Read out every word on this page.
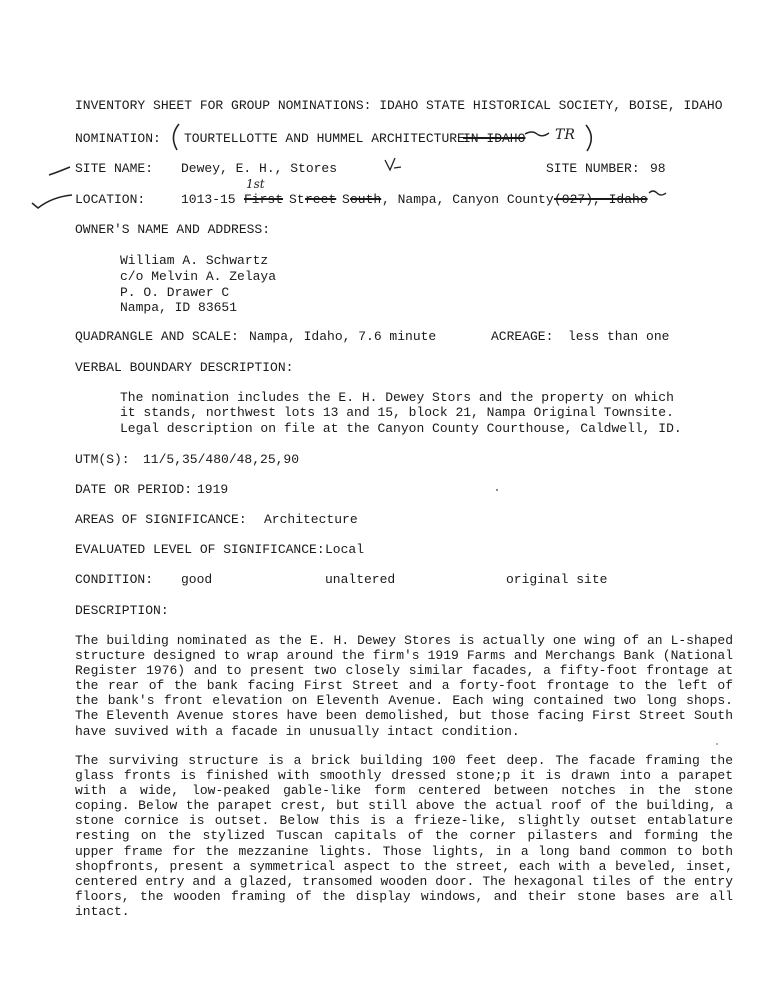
INVENTORY SHEET FOR GROUP NOMINATIONS: IDAHO STATE HISTORICAL SOCIETY, BOISE, IDAHO
NOMINATION: TOURTELLOTTE AND HUMMEL ARCHITECTURE
IN IDAHO TR
SITE NAME: Dewey, E. H., Stores	SITE NUMBER: 98
LOCATION:	1013-15
1st
First St reet S outh , Nampa, Canyon County (027), Idaho
OWNER'S NAME AND ADDRESS:
William A. Schwartz
c/o Melvin A. Zelaya
P. O. Drawer C
Nampa, ID 83651
QUADRANGLE AND SCALE: Nampa, Idaho, 7.6 minute	ACREAGE: less than one
VERBAL BOUNDARY DESCRIPTION:
The nomination includes the E. H. Dewey Stors and the property on which
it stands, northwest lots 13 and 15, block 21, Nampa Original Townsite.
Legal description on file at the Canyon County Courthouse, Caldwell, ID.
UTM(S): 11/5,35/480/48,25,90
DATE OR PERIOD: 1919
AREAS OF SIGNIFICANCE: Architecture
EVALUATED LEVEL OF SIGNIFICANCE: Local
CONDITION: good	unaltered	original site
DESCRIPTION:
The building nominated as the E. H. Dewey Stores is actually one wing of an L-shaped structure designed to wrap around the firm's 1919 Farms and Merchangs Bank (National Register 1976) and to present two closely similar facades, a fifty-foot frontage at the rear of the bank facing First Street and a forty-foot frontage to the left of the bank's front elevation on Eleventh Avenue. Each wing contained two long shops. The Eleventh Avenue stores have been demolished, but those facing First Street South have suvived with a facade in unusually intact condition.
The surviving structure is a brick building 100 feet deep. The facade framing the glass fronts is finished with smoothly dressed stone;p it is drawn into a parapet with a wide, low-peaked gable-like form centered between notches in the stone coping. Below the parapet crest, but still above the actual roof of the building, a stone cornice is outset. Below this is a frieze-like, slightly outset entablature resting on the stylized Tuscan capitals of the corner pilasters and forming the upper frame for the mezzanine lights. Those lights, in a long band common to both shopfronts, present a symmetrical aspect to the street, each with a beveled, inset, centered entry and a glazed, transomed wooden door. The hexagonal tiles of the entry floors, the wooden framing of the display windows, and their stone bases are all intact.
